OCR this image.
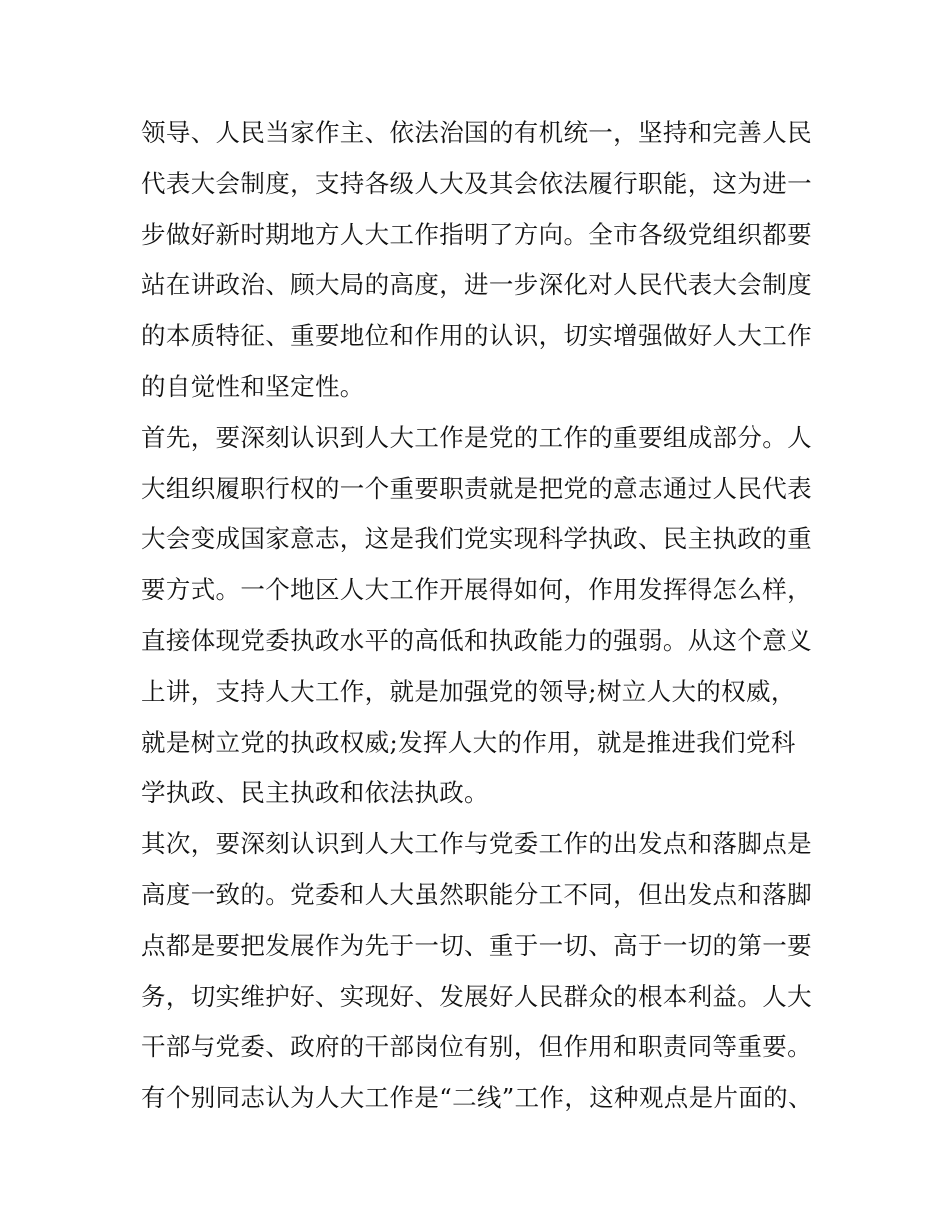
领导、人民当家作主、依法治国的有机统一，坚持和完善人民
代表大会制度，支持各级人大及其会依法履行职能，这为进一
步做好新时期地方人大工作指明了方向。全市各级党组织都要
站在讲政治、顾大局的高度，进一步深化对人民代表大会制度
的本质特征、重要地位和作用的认识，切实增强做好人大工作
的自觉性和坚定性。
首先，要深刻认识到人大工作是党的工作的重要组成部分。人
大组织履职行权的一个重要职责就是把党的意志通过人民代表
大会变成国家意志，这是我们党实现科学执政、民主执政的重
要方式。一个地区人大工作开展得如何，作用发挥得怎么样，
直接体现党委执政水平的高低和执政能力的强弱。从这个意义
上讲，支持人大工作，就是加强党的领导;树立人大的权威，
就是树立党的执政权威;发挥人大的作用，就是推进我们党科
学执政、民主执政和依法执政。
其次，要深刻认识到人大工作与党委工作的出发点和落脚点是
高度一致的。党委和人大虽然职能分工不同，但出发点和落脚
点都是要把发展作为先于一切、重于一切、高于一切的第一要
务，切实维护好、实现好、发展好人民群众的根本利益。人大
干部与党委、政府的干部岗位有别，但作用和职责同等重要。
有个别同志认为人大工作是“二线”工作，这种观点是片面的、
